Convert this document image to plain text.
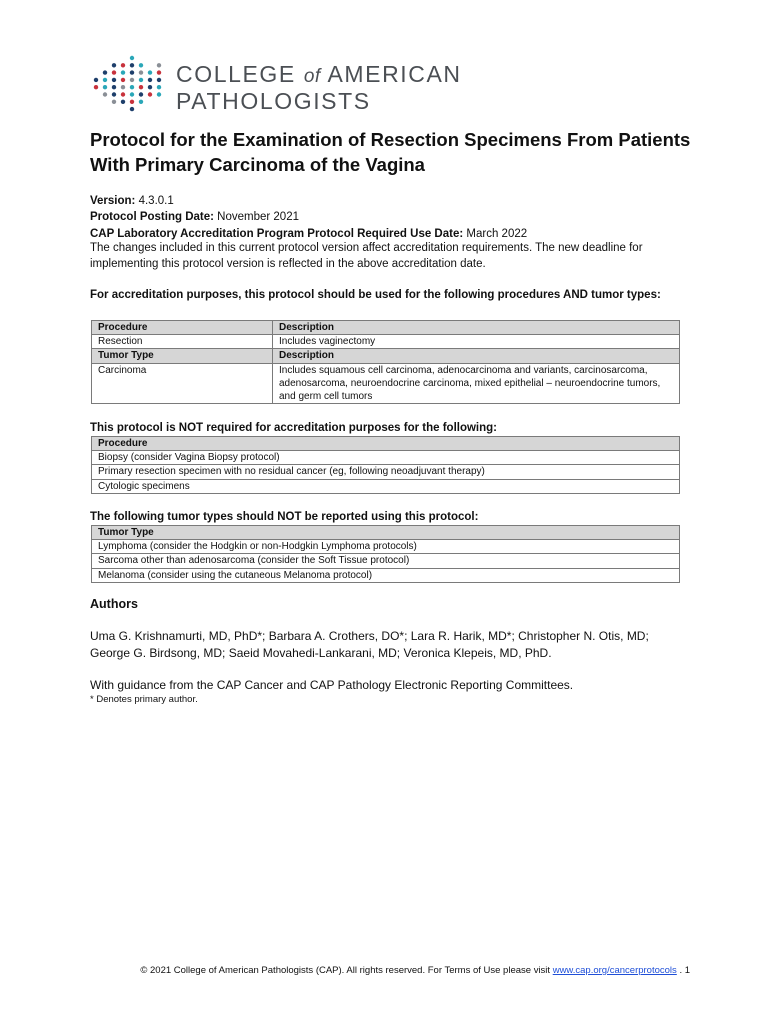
COLLEGE of AMERICAN
PATHOLOGISTS
Protocol for the Examination of Resection Specimens From Patients With Primary Carcinoma of the Vagina
Version: 4.3.0.1
Protocol Posting Date: November 2021
CAP Laboratory Accreditation Program Protocol Required Use Date: March 2022
The changes included in this current protocol version affect accreditation requirements. The new deadline for implementing this protocol version is reflected in the above accreditation date.
For accreditation purposes, this protocol should be used for the following procedures AND tumor types:
Procedure	Description
Resection	Includes vaginectomy
Tumor Type	Description
Carcinoma	Includes squamous cell carcinoma, adenocarcinoma and variants, carcinosarcoma, adenosarcoma, neuroendocrine carcinoma, mixed epithelial – neuroendocrine tumors, and germ cell tumors
This protocol is NOT required for accreditation purposes for the following:
Procedure
Biopsy (consider Vagina Biopsy protocol)
Primary resection specimen with no residual cancer (eg, following neoadjuvant therapy)
Cytologic specimens
The following tumor types should NOT be reported using this protocol:
Tumor Type
Lymphoma (consider the Hodgkin or non-Hodgkin Lymphoma protocols)
Sarcoma other than adenosarcoma (consider the Soft Tissue protocol)
Melanoma (consider using the cutaneous Melanoma protocol)
Authors
Uma G. Krishnamurti, MD, PhD*; Barbara A. Crothers, DO*; Lara R. Harik, MD*; Christopher N. Otis, MD; George G. Birdsong, MD; Saeid Movahedi-Lankarani, MD; Veronica Klepeis, MD, PhD.
With guidance from the CAP Cancer and CAP Pathology Electronic Reporting Committees.
* Denotes primary author.
© 2021 College of American Pathologists (CAP). All rights reserved. For Terms of Use please visit www.cap.org/cancerprotocols . 1
